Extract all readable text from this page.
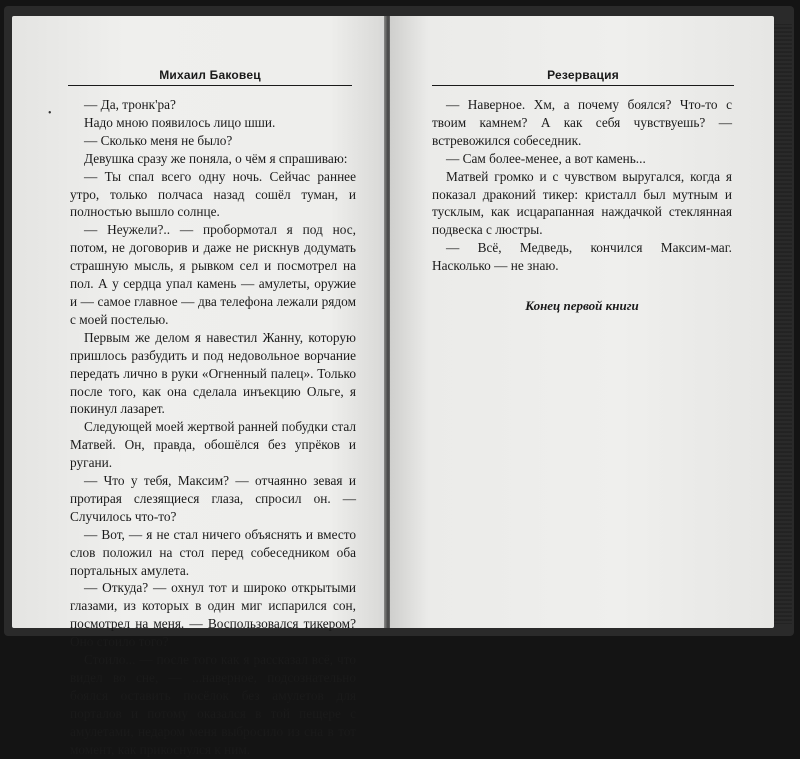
Михаил Баковец
•

— Да, тронк'ра?

Надо мною появилось лицо шши.

— Сколько меня не было?

Девушка сразу же поняла, о чём я спрашиваю:

— Ты спал всего одну ночь. Сейчас раннее утро, только полчаса назад сошёл туман, и полностью вышло солнце.

— Неужели?.. — пробормотал я под нос, потом, не договорив и даже не рискнув додумать страшную мысль, я рывком сел и посмотрел на пол. А у сердца упал камень — амулеты, оружие и — самое главное — два телефона лежали рядом с моей постелью.

Первым же делом я навестил Жанну, которую пришлось разбудить и под недовольное ворчание передать лично в руки «Огненный палец». Только после того, как она сделала инъекцию Ольге, я покинул лазарет.

Следующей моей жертвой ранней побудки стал Матвей. Он, правда, обошёлся без упрёков и ругани.

— Что у тебя, Максим? — отчаянно зевая и протирая слезящиеся глаза, спросил он. — Случилось что-то?

— Вот, — я не стал ничего объяснять и вместо слов положил на стол перед собеседником оба портальных амулета.

— Откуда? — охнул тот и широко открытыми глазами, из которых в один миг испарился сон, посмотрел на меня. — Воспользовался тикером? Оно стоило того?

Стоило... — после того как я рассказал всё, что видел во сне, — ...наверное, подсознательно боялся оставить посёлок без амулетов для порталов и потому оказался в той пещере с амулетами, недаром меня выбросило из сна в тот момент, как прикоснулся к ним.

Резервация

— Наверное. Хм, а почему боялся? Что-то с твоим камнем? А как себя чувствуешь? — встревожился собеседник.

— Сам более-менее, а вот камень...

Матвей громко и с чувством выругался, когда я показал драконий тикер: кристалл был мутным и тусклым, как исцарапанная наждачкой стеклянная подвеска с люстры.

— Всё, Медведь, кончился Максим-маг. Насколько — не знаю.

Конец первой книги
